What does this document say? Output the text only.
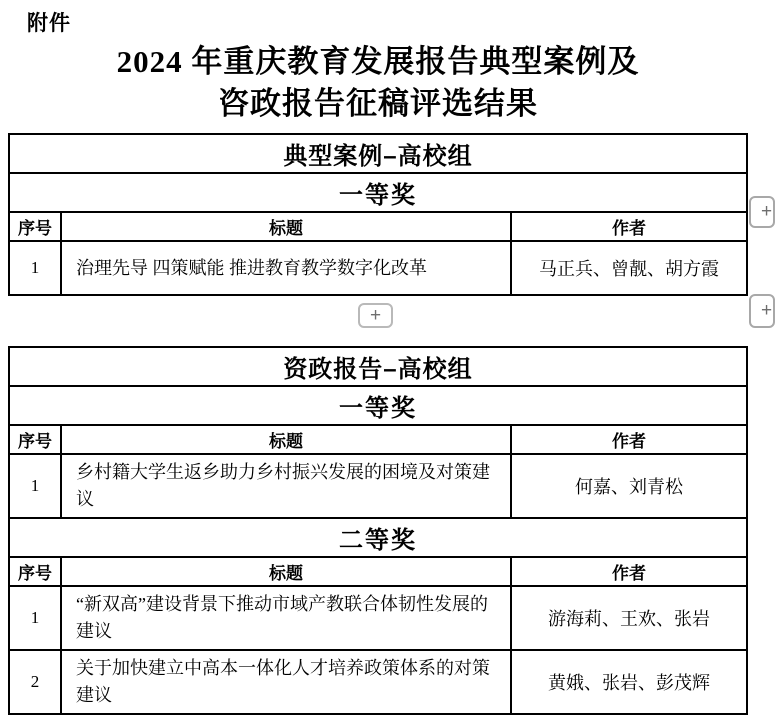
附件
2024 年重庆教育发展报告典型案例及
咨政报告征稿评选结果
典型案例–高校组		
一等奖		
序号	标题	作者
1	治理先导 四策赋能 推进教育教学数字化改革	马正兵、曾靓、胡方霞
+
资政报告–高校组		
一等奖		
序号	标题	作者
1	乡村籍大学生返乡助力乡村振兴发展的困境及对策建议	何嘉、刘青松
二等奖		
序号	标题	作者
1	“新双高”建设背景下推动市域产教联合体韧性发展的建议	游海莉、王欢、张岩
2	关于加快建立中高本一体化人才培养政策体系的对策建议	黄娥、张岩、彭茂辉
+
+
